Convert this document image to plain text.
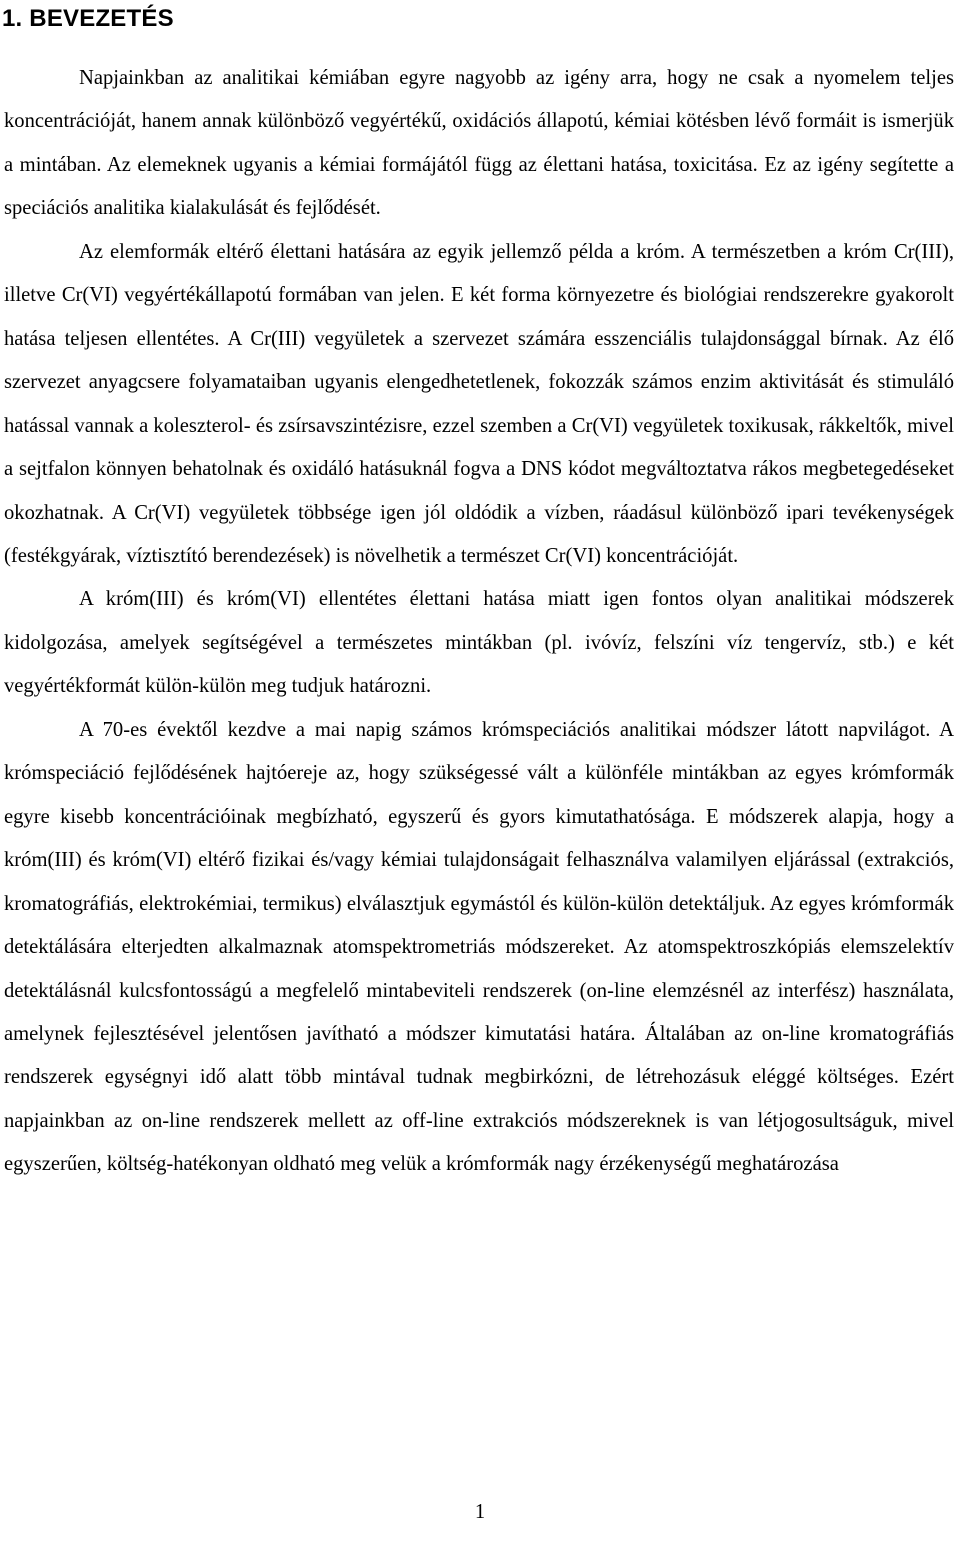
1. BEVEZETÉS

Napjainkban az analitikai kémiában egyre nagyobb az igény arra, hogy ne csak a nyomelem teljes koncentrációját, hanem annak különböző vegyértékű, oxidációs állapotú, kémiai kötésben lévő formáit is ismerjük a mintában. Az elemeknek ugyanis a kémiai formájától függ az élettani hatása, toxicitása. Ez az igény segítette a speciációs analitika kialakulását és fejlődését.

Az elemformák eltérő élettani hatására az egyik jellemző példa a króm. A természetben a króm Cr(III), illetve Cr(VI) vegyértékállapotú formában van jelen. E két forma környezetre és biológiai rendszerekre gyakorolt hatása teljesen ellentétes. A Cr(III) vegyületek a szervezet számára esszenciális tulajdonsággal bírnak. Az élő szervezet anyagcsere folyamataiban ugyanis elengedhetetlenek, fokozzák számos enzim aktivitását és stimuláló hatással vannak a koleszterol- és zsírsavszintézisre, ezzel szemben a Cr(VI) vegyületek toxikusak, rákkeltők, mivel a sejtfalon könnyen behatolnak és oxidáló hatásuknál fogva a DNS kódot megváltoztatva rákos megbetegedéseket okozhatnak. A Cr(VI) vegyületek többsége igen jól oldódik a vízben, ráadásul különböző ipari tevékenységek (festékgyárak, víztisztító berendezések) is növelhetik a természet Cr(VI) koncentrációját.

A króm(III) és króm(VI) ellentétes élettani hatása miatt igen fontos olyan analitikai módszerek kidolgozása, amelyek segítségével a természetes mintákban (pl. ivóvíz, felszíni víz tengervíz, stb.) e két vegyértékformát külön-külön meg tudjuk határozni.

A 70-es évektől kezdve a mai napig számos krómspeciációs analitikai módszer látott napvilágot. A krómspeciáció fejlődésének hajtóereje az, hogy szükségessé vált a különféle mintákban az egyes krómformák egyre kisebb koncentrációinak megbízható, egyszerű és gyors kimutathatósága. E módszerek alapja, hogy a króm(III) és króm(VI) eltérő fizikai és/vagy kémiai tulajdonságait felhasználva valamilyen eljárással (extrakciós, kromatográfiás, elektrokémiai, termikus) elválasztjuk egymástól és külön-külön detektáljuk. Az egyes krómformák detektálására elterjedten alkalmaznak atomspektrometriás módszereket. Az atomspektroszkópiás elemszelektív detektálásnál kulcsfontosságú a megfelelő mintabeviteli rendszerek (on-line elemzésnél az interfész) használata, amelynek fejlesztésével jelentősen javítható a módszer kimutatási határa. Általában az on-line kromatográfiás rendszerek egységnyi idő alatt több mintával tudnak megbirkózni, de létrehozásuk eléggé költséges. Ezért napjainkban az on-line rendszerek mellett az off-line extrakciós módszereknek is van létjogosultságuk, mivel egyszerűen, költség-hatékonyan oldható meg velük a krómformák nagy érzékenységű meghatározása

1
